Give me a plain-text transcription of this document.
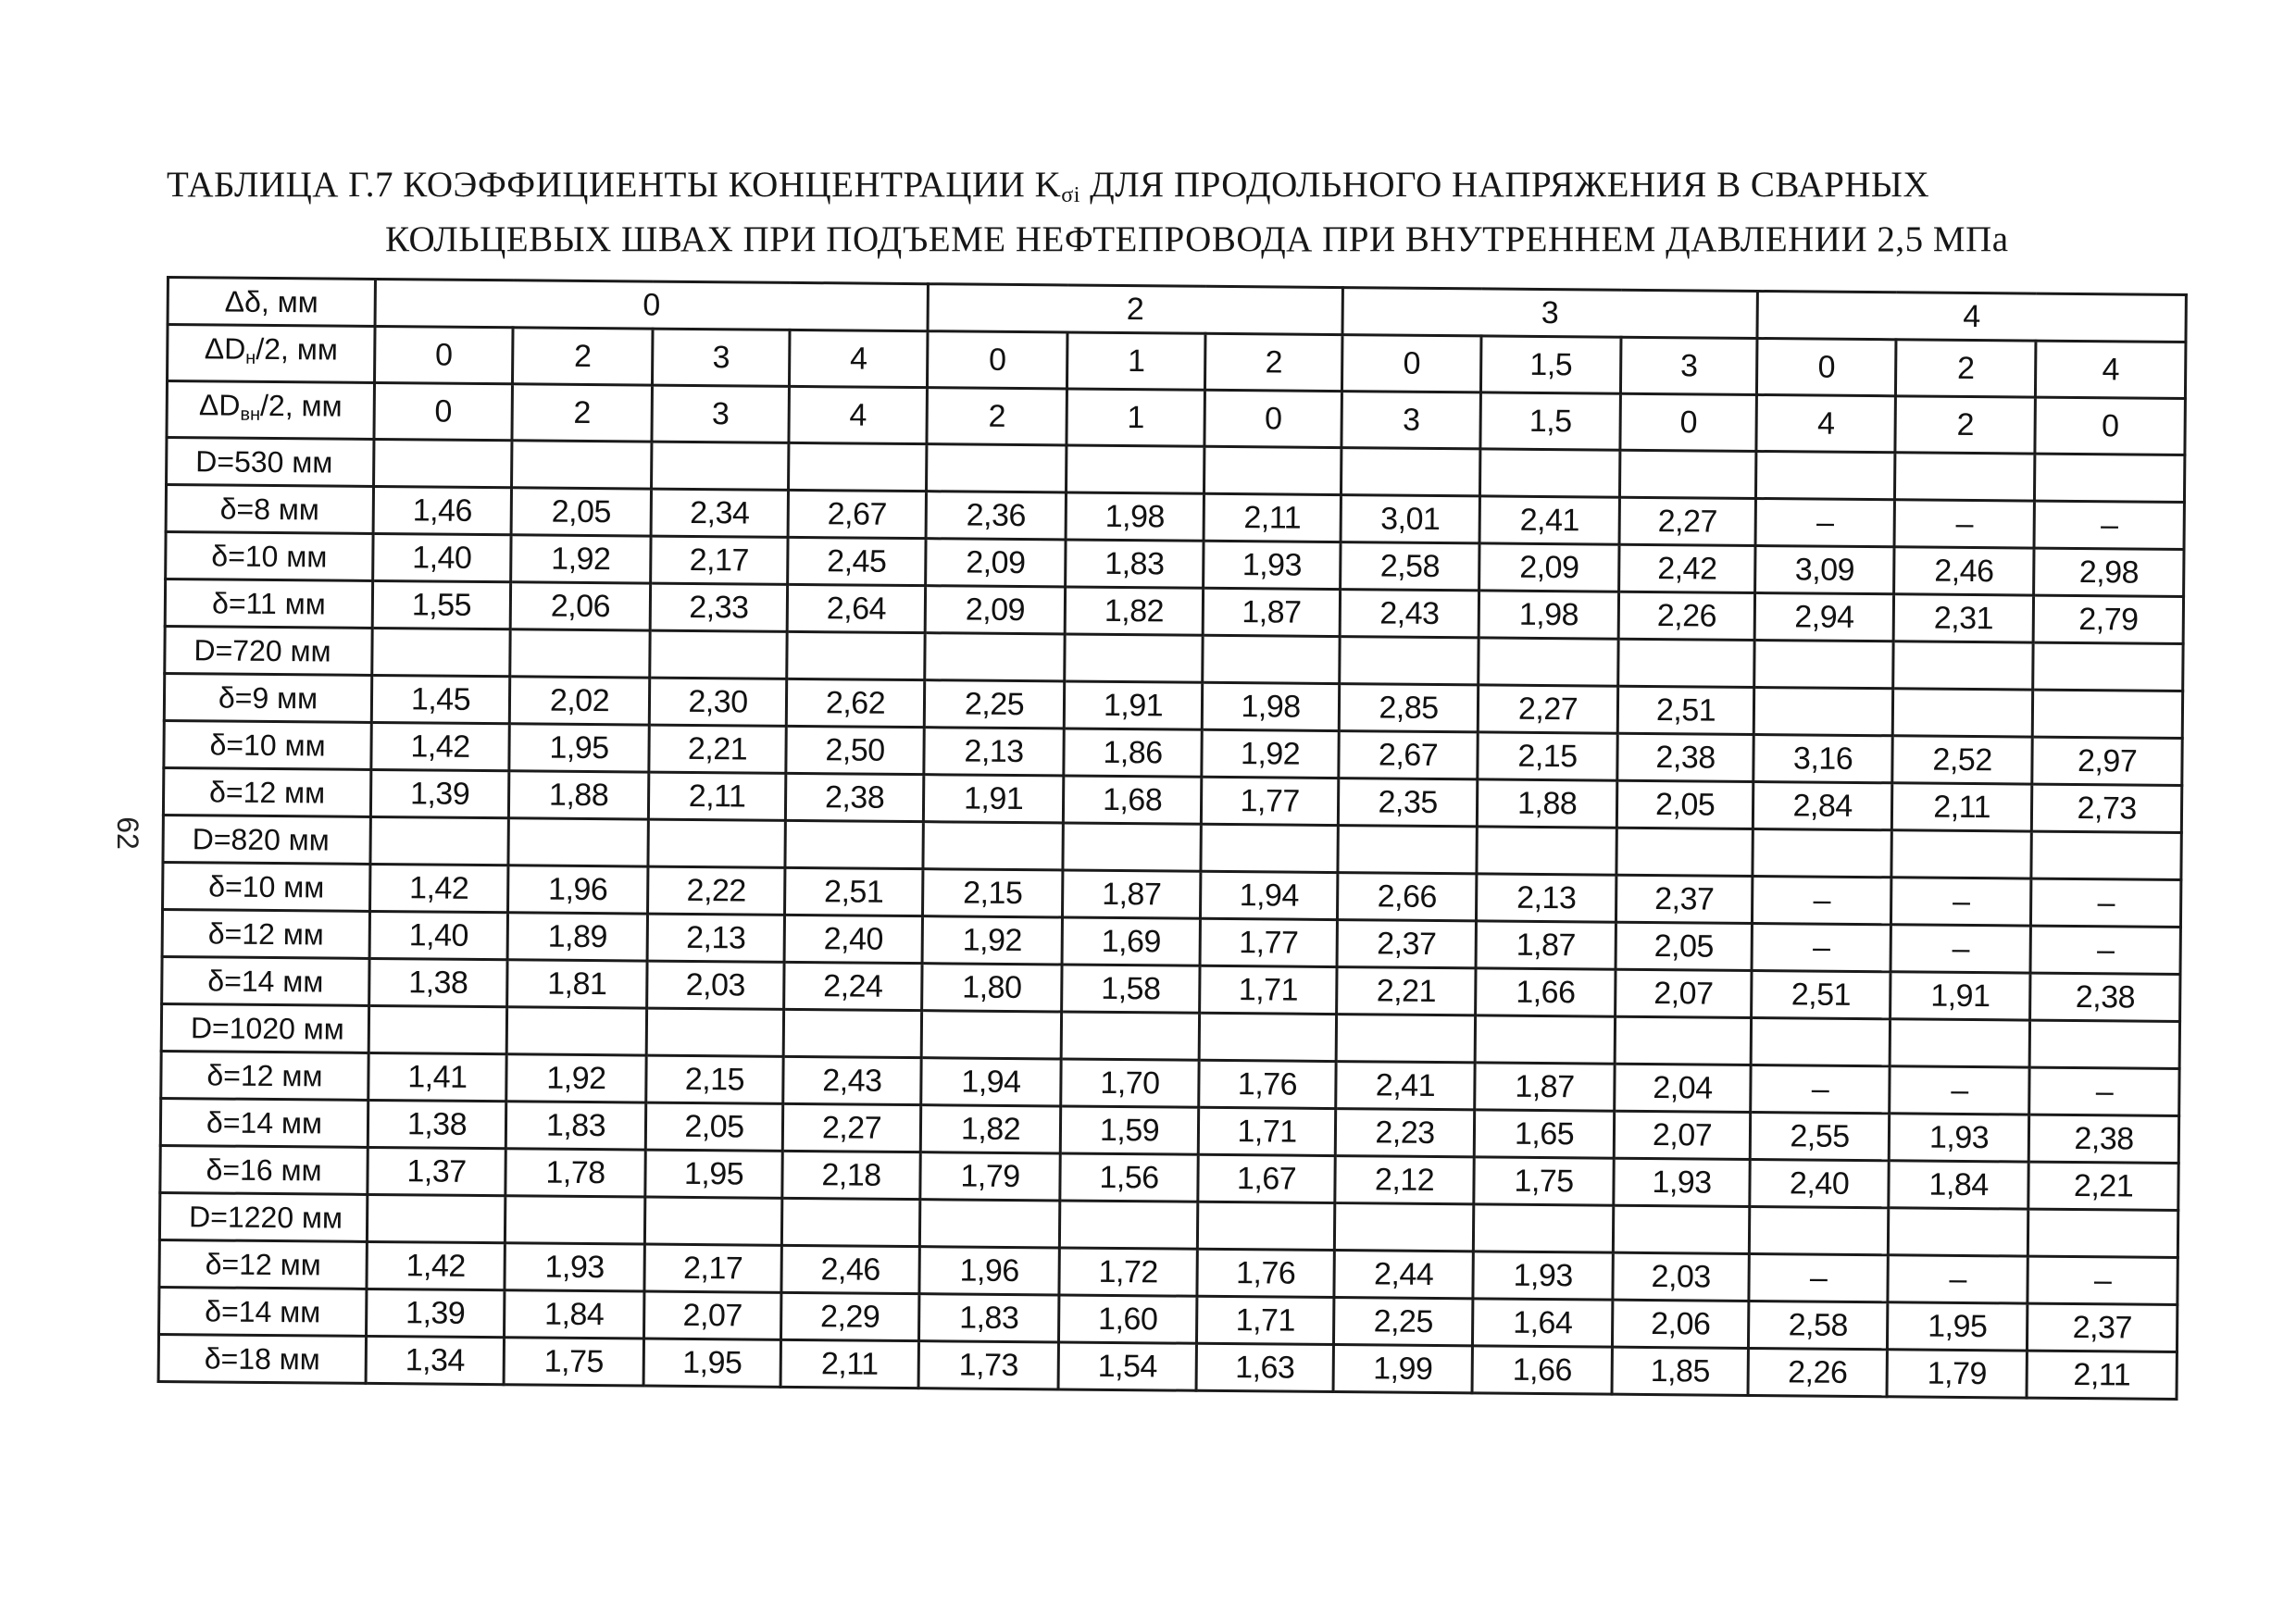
ТАБЛИЦА Г.7 КОЭФФИЦИЕНТЫ КОНЦЕНТРАЦИИ $K_{\sigma i}$ ДЛЯ ПРОДОЛЬНОГО НАПРЯЖЕНИЯ В СВАРНЫХ
КОЛЬЦЕВЫХ ШВАХ ПРИ ПОДЪЕМЕ НЕФТЕПРОВОДА ПРИ ВНУТРЕННЕМ ДАВЛЕНИИ 2,5 МПа
62
Δδ, мм	0				2			3			4		
$\Delta D_н/2$, мм	0	2	3	4	0	1	2	0	1,5	3	0	2	4
$\Delta D_{вн}/2$, мм	0	2	3	4	2	1	0	3	1,5	0	4	2	0
D=530 мм													
δ=8 мм	1,46	2,05	2,34	2,67	2,36	1,98	2,11	3,01	2,41	2,27	–	–	–
δ=10 мм	1,40	1,92	2,17	2,45	2,09	1,83	1,93	2,58	2,09	2,42	3,09	2,46	2,98
δ=11 мм	1,55	2,06	2,33	2,64	2,09	1,82	1,87	2,43	1,98	2,26	2,94	2,31	2,79
D=720 мм													
δ=9 мм	1,45	2,02	2,30	2,62	2,25	1,91	1,98	2,85	2,27	2,51			
δ=10 мм	1,42	1,95	2,21	2,50	2,13	1,86	1,92	2,67	2,15	2,38	3,16	2,52	2,97
δ=12 мм	1,39	1,88	2,11	2,38	1,91	1,68	1,77	2,35	1,88	2,05	2,84	2,11	2,73
D=820 мм													
δ=10 мм	1,42	1,96	2,22	2,51	2,15	1,87	1,94	2,66	2,13	2,37	–	–	–
δ=12 мм	1,40	1,89	2,13	2,40	1,92	1,69	1,77	2,37	1,87	2,05	–	–	–
δ=14 мм	1,38	1,81	2,03	2,24	1,80	1,58	1,71	2,21	1,66	2,07	2,51	1,91	2,38
D=1020 мм													
δ=12 мм	1,41	1,92	2,15	2,43	1,94	1,70	1,76	2,41	1,87	2,04	–	–	–
δ=14 мм	1,38	1,83	2,05	2,27	1,82	1,59	1,71	2,23	1,65	2,07	2,55	1,93	2,38
δ=16 мм	1,37	1,78	1,95	2,18	1,79	1,56	1,67	2,12	1,75	1,93	2,40	1,84	2,21
D=1220 мм													
δ=12 мм	1,42	1,93	2,17	2,46	1,96	1,72	1,76	2,44	1,93	2,03	–	–	–
δ=14 мм	1,39	1,84	2,07	2,29	1,83	1,60	1,71	2,25	1,64	2,06	2,58	1,95	2,37
δ=18 мм	1,34	1,75	1,95	2,11	1,73	1,54	1,63	1,99	1,66	1,85	2,26	1,79	2,11
